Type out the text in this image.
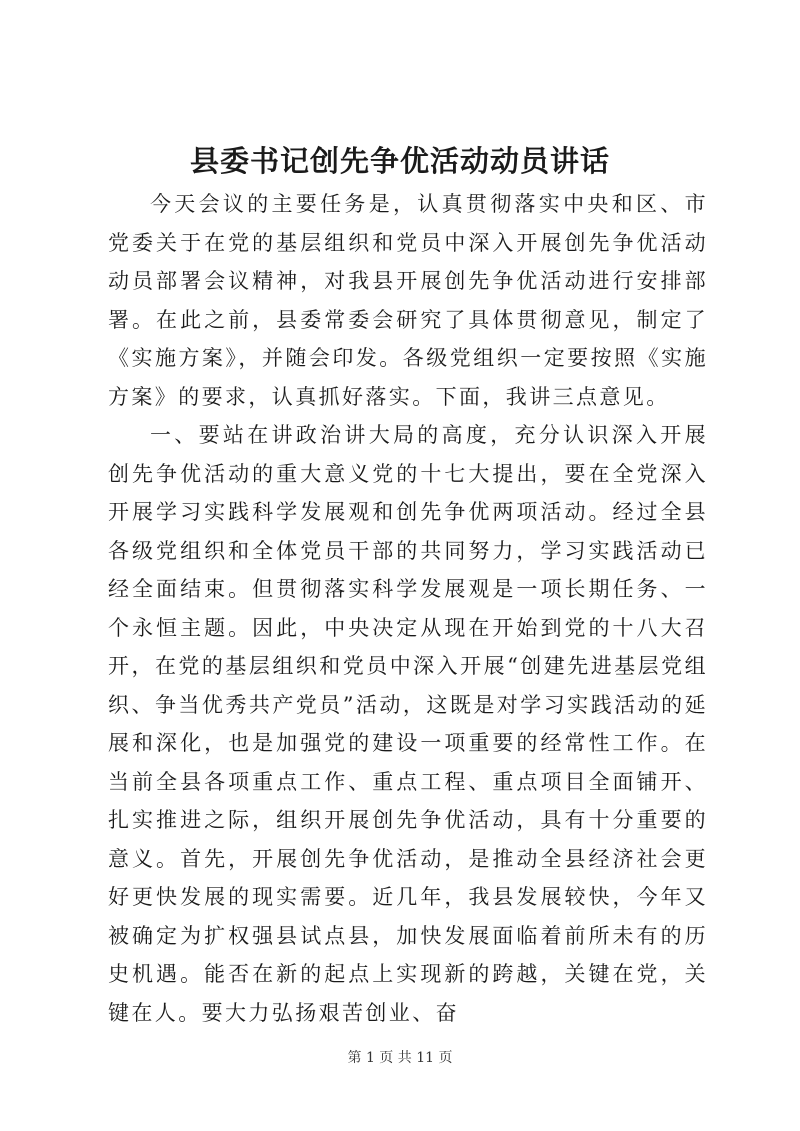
县委书记创先争优活动动员讲话

今天会议的主要任务是，认真贯彻落实中央和区、市党委关于在党的基层组织和党员中深入开展创先争优活动动员部署会议精神，对我县开展创先争优活动进行安排部署。在此之前，县委常委会研究了具体贯彻意见，制定了《实施方案》，并随会印发。各级党组织一定要按照《实施方案》的要求，认真抓好落实。下面，我讲三点意见。

一、要站在讲政治讲大局的高度，充分认识深入开展创先争优活动的重大意义党的十七大提出，要在全党深入开展学习实践科学发展观和创先争优两项活动。经过全县各级党组织和全体党员干部的共同努力，学习实践活动已经全面结束。但贯彻落实科学发展观是一项长期任务、一个永恒主题。因此，中央决定从现在开始到党的十八大召开，在党的基层组织和党员中深入开展“创建先进基层党组织、争当优秀共产党员”活动，这既是对学习实践活动的延展和深化，也是加强党的建设一项重要的经常性工作。在当前全县各项重点工作、重点工程、重点项目全面铺开、扎实推进之际，组织开展创先争优活动，具有十分重要的意义。首先，开展创先争优活动，是推动全县经济社会更好更快发展的现实需要。近几年，我县发展较快，今年又被确定为扩权强县试点县，加快发展面临着前所未有的历史机遇。能否在新的起点上实现新的跨越，关键在党，关键在人。要大力弘扬艰苦创业、奋

第 1 页 共 11 页
